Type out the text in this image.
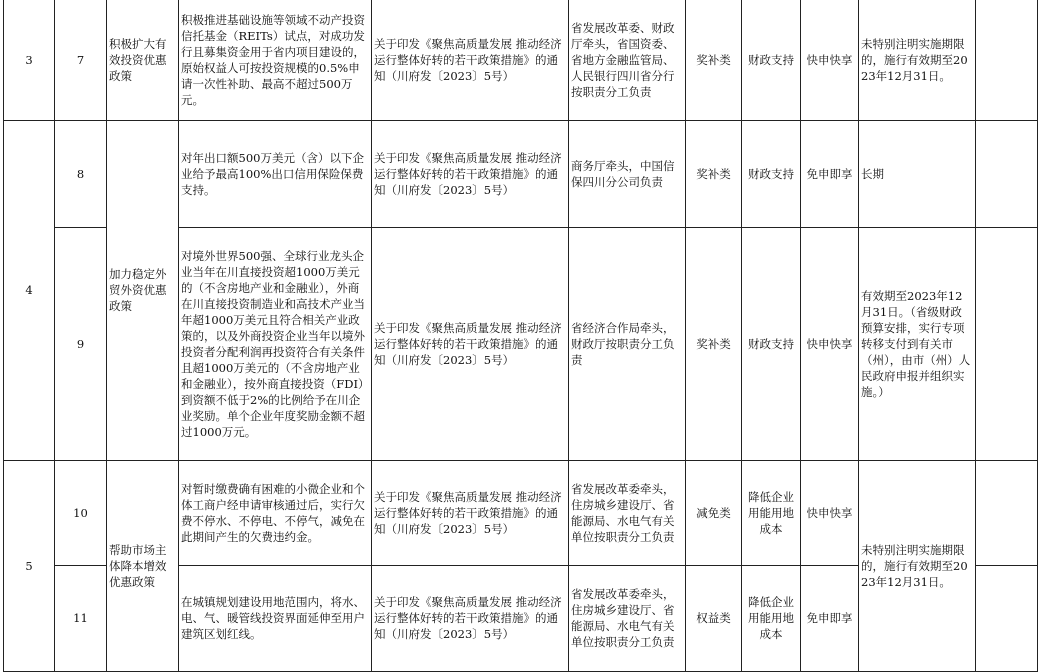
3	7	积极扩大有效投资优惠政策	积极推进基础设施等领域不动产投资信托基金（REITs）试点，对成功发行且募集资金用于省内项目建设的，原始权益人可按投资规模的0.5%申请一次性补助、最高不超过500万元。	关于印发《聚焦高质量发展 推动经济运行整体好转的若干政策措施》的通知（川府发〔2023〕5号）	省发展改革委、财政厅牵头，省国资委、省地方金融监管局、人民银行四川省分行按职责分工负责	奖补类	财政支持	快申快享	未特别注明实施期限的，施行有效期至2023年12月31日。	
4	8	加力稳定外贸外资优惠政策	对年出口额500万美元（含）以下企业给予最高100%出口信用保险保费支持。	关于印发《聚焦高质量发展 推动经济运行整体好转的若干政策措施》的通知（川府发〔2023〕5号）	商务厅牵头，中国信保四川分公司负责	奖补类	财政支持	免申即享	长期	
	9		对境外世界500强、全球行业龙头企业当年在川直接投资超1000万美元的（不含房地产业和金融业），外商在川直接投资制造业和高技术产业当年超1000万美元且符合相关产业政策的，以及外商投资企业当年以境外投资者分配利润再投资符合有关条件且超1000万美元的（不含房地产业和金融业），按外商直接投资（FDI）到资额不低于2%的比例给予在川企业奖励。单个企业年度奖励金额不超过1000万元。	关于印发《聚焦高质量发展 推动经济运行整体好转的若干政策措施》的通知（川府发〔2023〕5号）	省经济合作局牵头，财政厅按职责分工负责	奖补类	财政支持	快申快享	有效期至2023年12月31日。（省级财政预算安排，实行专项转移支付到有关市（州），由市（州）人民政府申报并组织实施。）	
5	10	帮助市场主体降本增效优惠政策	对暂时缴费确有困难的小微企业和个体工商户经申请审核通过后，实行欠费不停水、不停电、不停气，减免在此期间产生的欠费违约金。	关于印发《聚焦高质量发展 推动经济运行整体好转的若干政策措施》的通知（川府发〔2023〕5号）	省发展改革委牵头，住房城乡建设厅、省能源局、水电气有关单位按职责分工负责	减免类	降低企业用能用地成本	快申快享	未特别注明实施期限的，施行有效期至2023年12月31日。	
	11		在城镇规划建设用地范围内，将水、电、气、暖管线投资界面延伸至用户建筑区划红线。	关于印发《聚焦高质量发展 推动经济运行整体好转的若干政策措施》的通知（川府发〔2023〕5号）	省发展改革委牵头，住房城乡建设厅、省能源局、水电气有关单位按职责分工负责	权益类	降低企业用能用地成本	免申即享		
